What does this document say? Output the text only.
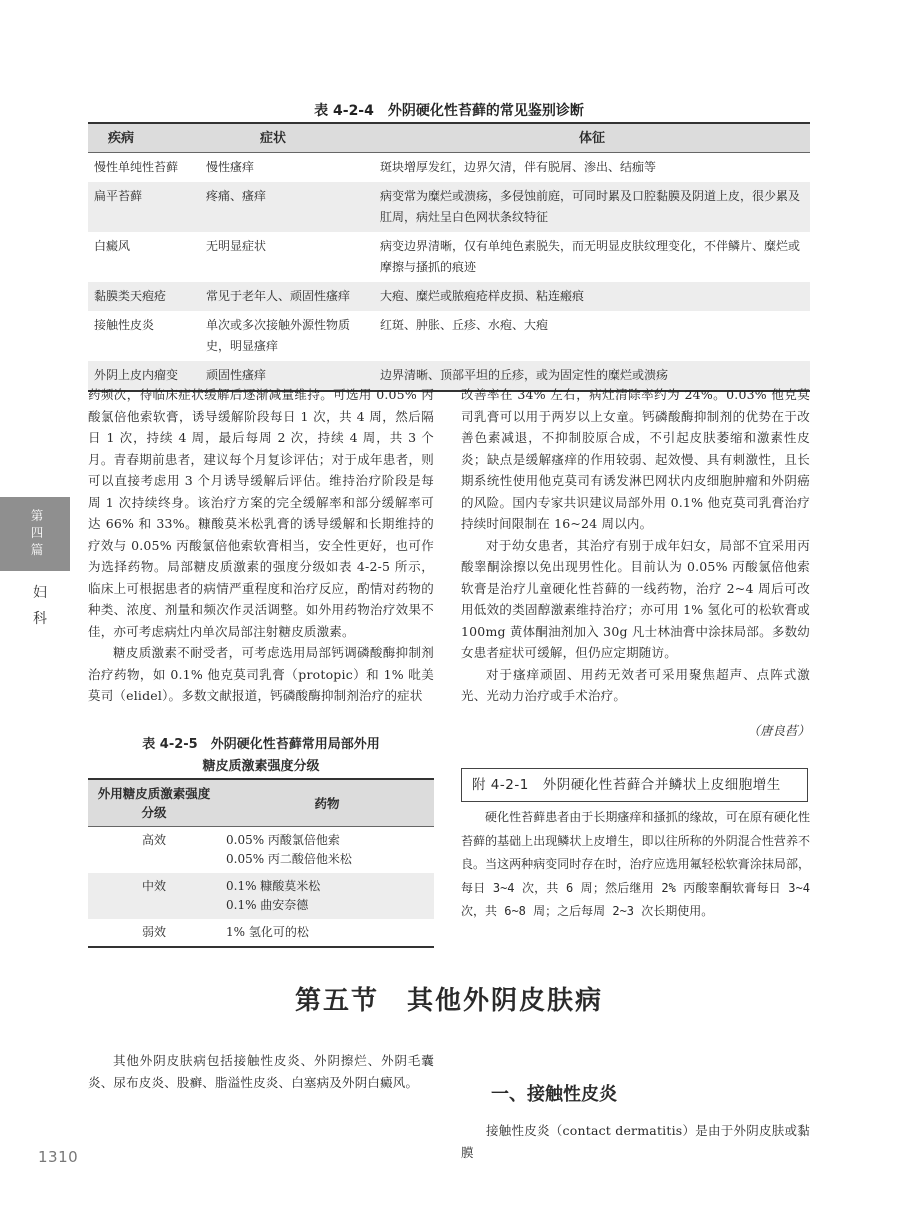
表 4-2-4　外阴硬化性苔藓的常见鉴别诊断
疾病	症状	体征
慢性单纯性苔藓	慢性瘙痒	斑块增厚发红，边界欠清，伴有脱屑、渗出、结痂等
扁平苔藓	疼痛、瘙痒	病变常为糜烂或溃疡，多侵蚀前庭，可同时累及口腔黏膜及阴道上皮，很少累及肛周，病灶呈白色网状条纹特征
白癜风	无明显症状	病变边界清晰，仅有单纯色素脱失，而无明显皮肤纹理变化，不伴鳞片、糜烂或摩擦与搔抓的痕迹
黏膜类天疱疮	常见于老年人、顽固性瘙痒	大疱、糜烂或脓疱疮样皮损、粘连瘢痕
接触性皮炎	单次或多次接触外源性物质史，明显瘙痒	红斑、肿胀、丘疹、水疱、大疱
外阴上皮内瘤变	顽固性瘙痒	边界清晰、顶部平坦的丘疹，或为固定性的糜烂或溃疡

药频次，待临床症状缓解后逐渐减量维持。可选用 0.05% 丙酸氯倍他索软膏，诱导缓解阶段每日 1 次，共 4 周，然后隔日 1 次，持续 4 周，最后每周 2 次，持续 4 周，共 3 个月。青春期前患者，建议每个月复诊评估；对于成年患者，则可以直接考虑用 3 个月诱导缓解后评估。维持治疗阶段是每周 1 次持续终身。该治疗方案的完全缓解率和部分缓解率可达 66% 和 33%。糠酸莫米松乳膏的诱导缓解和长期维持的疗效与 0.05% 丙酸氯倍他索软膏相当，安全性更好，也可作为选择药物。局部糖皮质激素的强度分级如表 4-2-5 所示，临床上可根据患者的病情严重程度和治疗反应，酌情对药物的种类、浓度、剂量和频次作灵活调整。如外用药物治疗效果不佳，亦可考虑病灶内单次局部注射糖皮质激素。

糖皮质激素不耐受者，可考虑选用局部钙调磷酸酶抑制剂治疗药物，如 0.1% 他克莫司乳膏（protopic）和 1% 吡美莫司（elidel）。多数文献报道，钙磷酸酶抑制剂治疗的症状

改善率在 34% 左右，病灶清除率约为 24%。0.03% 他克莫司乳膏可以用于两岁以上女童。钙磷酸酶抑制剂的优势在于改善色素减退，不抑制胶原合成，不引起皮肤萎缩和激素性皮炎；缺点是缓解瘙痒的作用较弱、起效慢、具有刺激性，且长期系统性使用他克莫司有诱发淋巴网状内皮细胞肿瘤和外阴癌的风险。国内专家共识建议局部外用 0.1% 他克莫司乳膏治疗持续时间限制在 16~24 周以内。

对于幼女患者，其治疗有别于成年妇女，局部不宜采用丙酸睾酮涂擦以免出现男性化。目前认为 0.05% 丙酸氯倍他索软膏是治疗儿童硬化性苔藓的一线药物，治疗 2~4 周后可改用低效的类固醇激素维持治疗；亦可用 1% 氢化可的松软膏或 100mg 黄体酮油剂加入 30g 凡士林油膏中涂抹局部。多数幼女患者症状可缓解，但仍应定期随访。

对于瘙痒顽固、用药无效者可采用聚焦超声、点阵式激光、光动力治疗或手术治疗。

（唐良萏）
表 4-2-5　外阴硬化性苔藓常用局部外用
糖皮质激素强度分级
外用糖皮质激素强度分级	药物
高效	0.05% 丙酸氯倍他索
0.05% 丙二酸倍他米松

中效	0.1% 糠酸莫米松
0.1% 曲安奈德

弱效	1% 氢化可的松
附 4-2-1　外阴硬化性苔藓合并鳞状上皮细胞增生

硬化性苔藓患者由于长期瘙痒和搔抓的缘故，可在原有硬化性苔藓的基础上出现鳞状上皮增生，即以往所称的外阴混合性营养不良。当这两种病变同时存在时，治疗应选用氟轻松软膏涂抹局部，每日 3~4 次，共 6 周；然后继用 2% 丙酸睾酮软膏每日 3~4 次，共 6~8 周；之后每周 2~3 次长期使用。

第四篇
妇科
第五节　其他外阴皮肤病

其他外阴皮肤病包括接触性皮炎、外阴擦烂、外阴毛囊炎、尿布皮炎、股癣、脂溢性皮炎、白塞病及外阴白癜风。

一、接触性皮炎

接触性皮炎（contact dermatitis）是由于外阴皮肤或黏膜

1310
